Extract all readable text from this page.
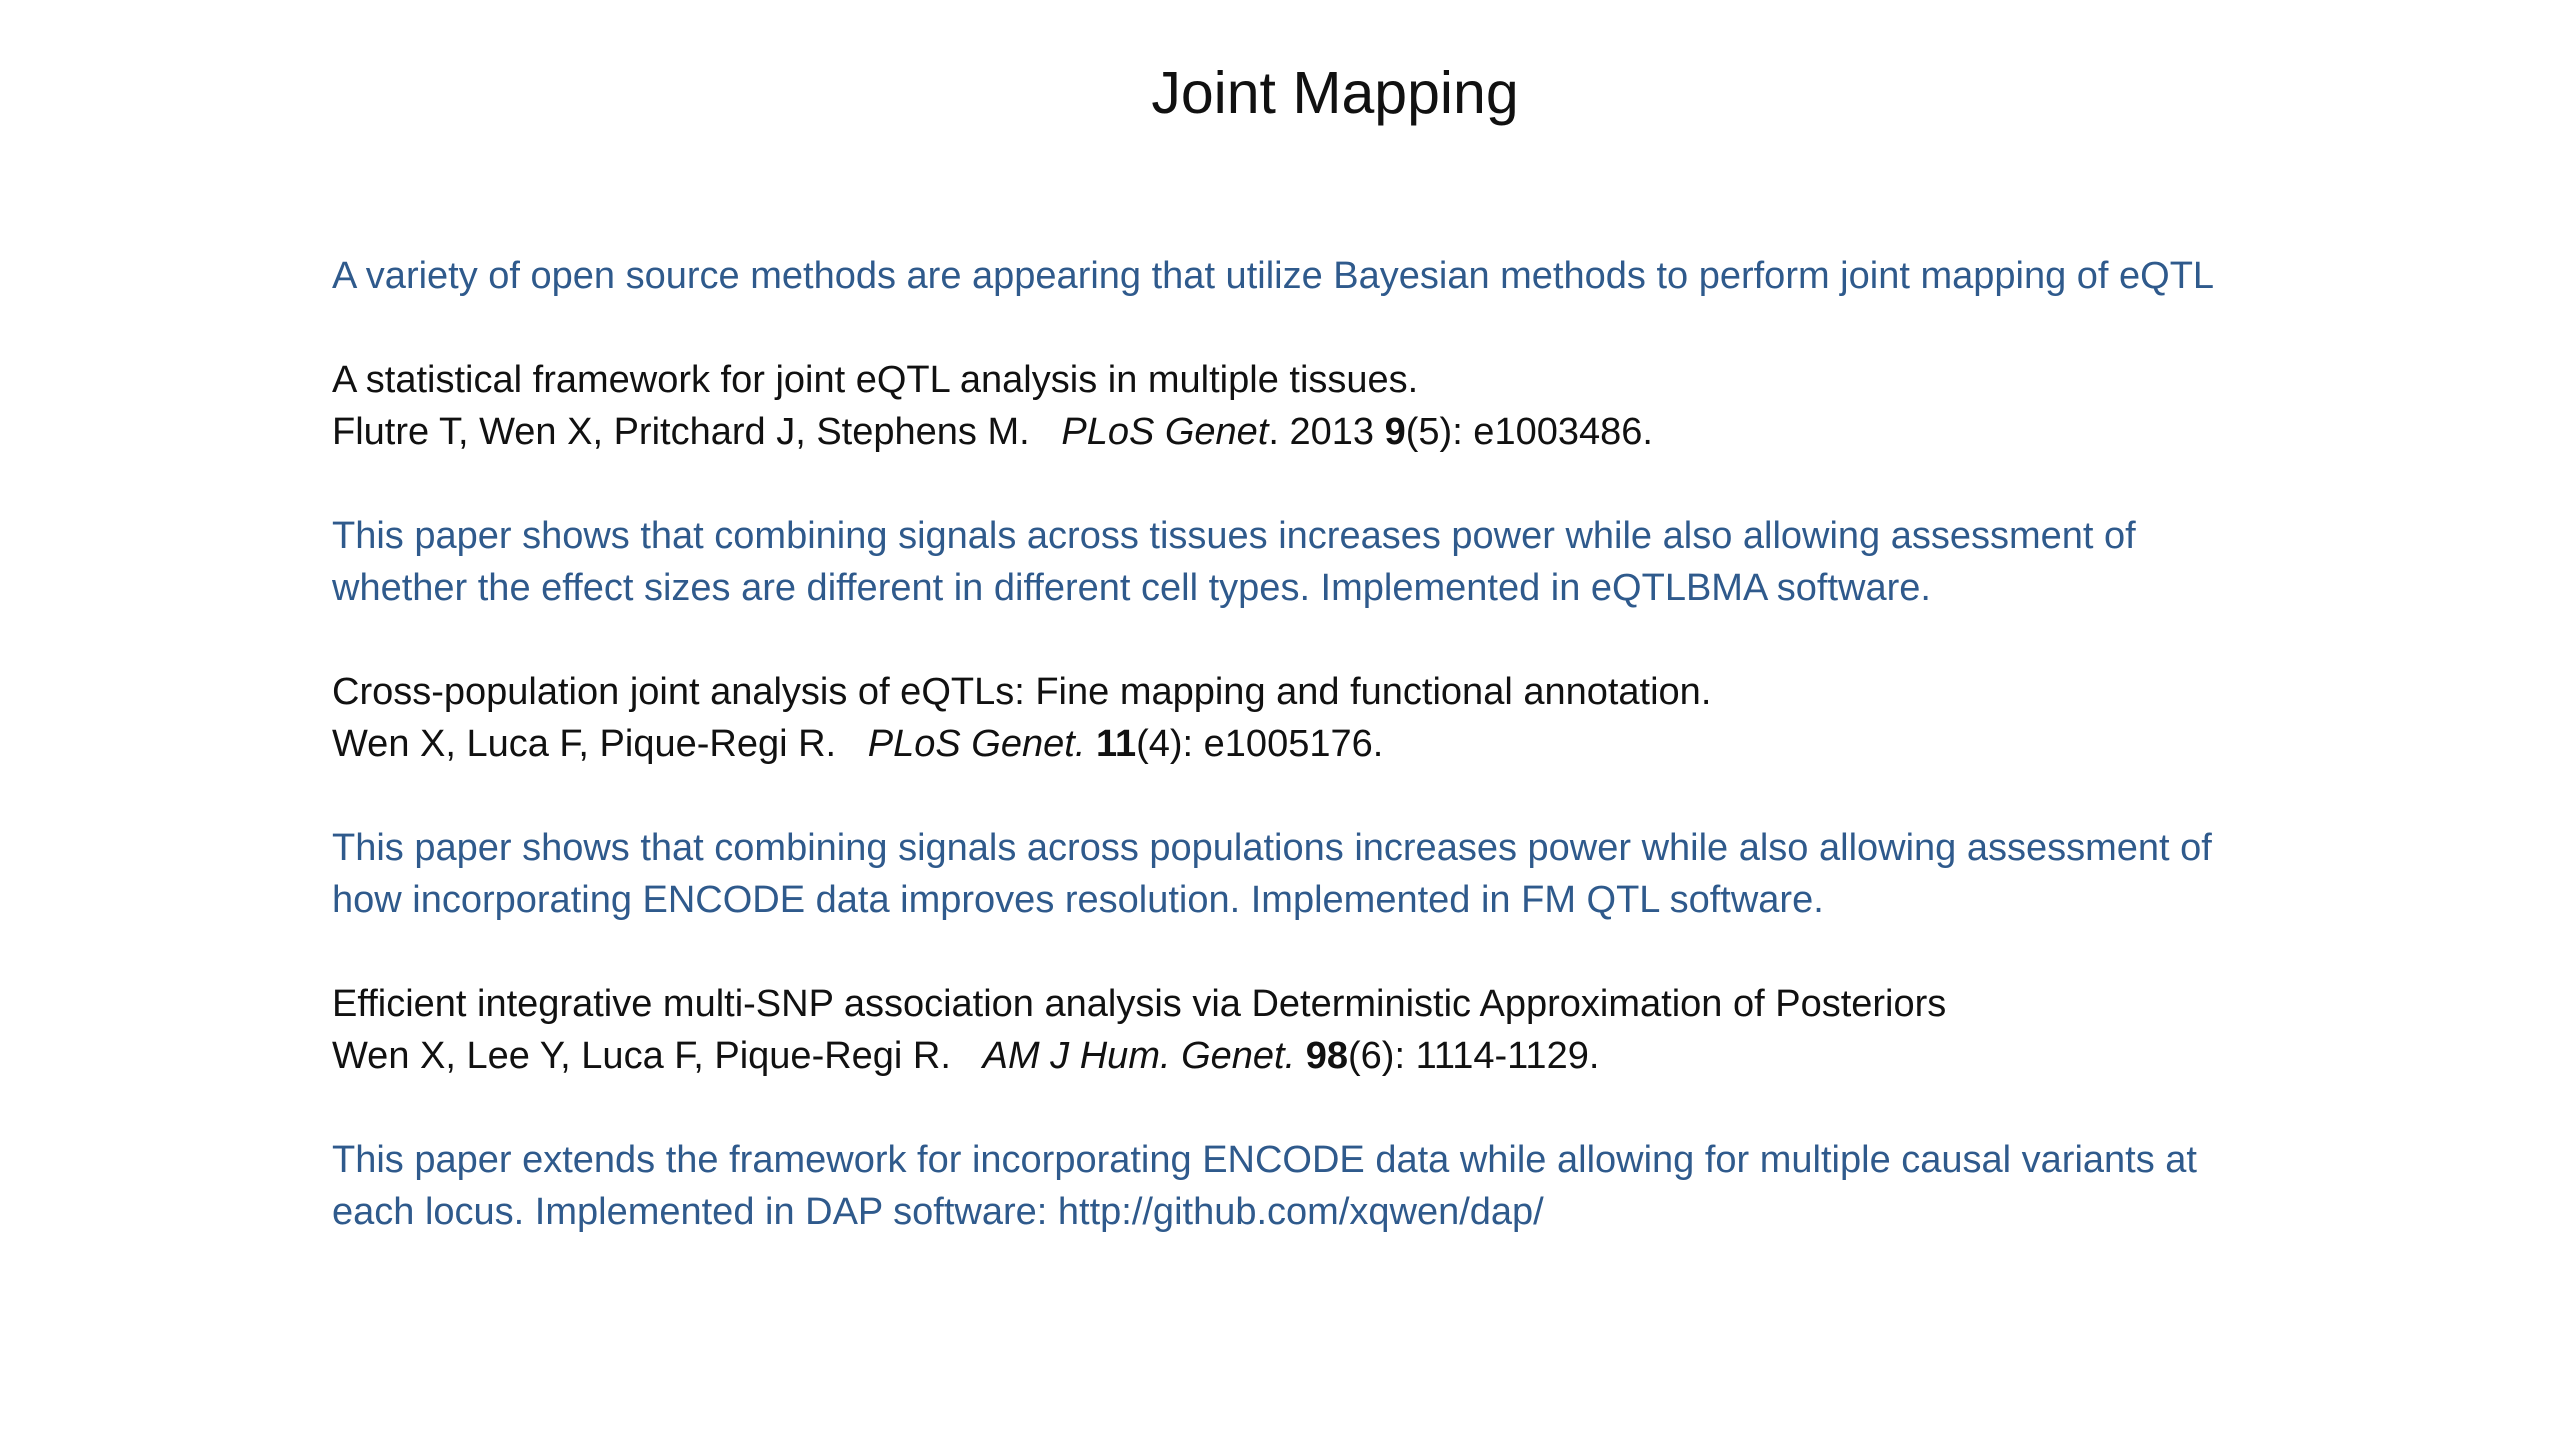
Joint Mapping
A variety of open source methods are appearing that utilize Bayesian methods to perform joint mapping of eQTL
A statistical framework for joint eQTL analysis in multiple tissues.
Flutre T, Wen X, Pritchard J, Stephens M. PLoS Genet. 2013 9(5): e1003486.
This paper shows that combining signals across tissues increases power while also allowing assessment of
whether the effect sizes are different in different cell types. Implemented in eQTLBMA software.
Cross-population joint analysis of eQTLs: Fine mapping and functional annotation.
Wen X, Luca F, Pique-Regi R. PLoS Genet. 11(4): e1005176.
This paper shows that combining signals across populations increases power while also allowing assessment of
how incorporating ENCODE data improves resolution. Implemented in FM QTL software.
Efficient integrative multi-SNP association analysis via Deterministic Approximation of Posteriors
Wen X, Lee Y, Luca F, Pique-Regi R. AM J Hum. Genet. 98(6): 1114-1129.
This paper extends the framework for incorporating ENCODE data while allowing for multiple causal variants at
each locus. Implemented in DAP software: http://github.com/xqwen/dap/
